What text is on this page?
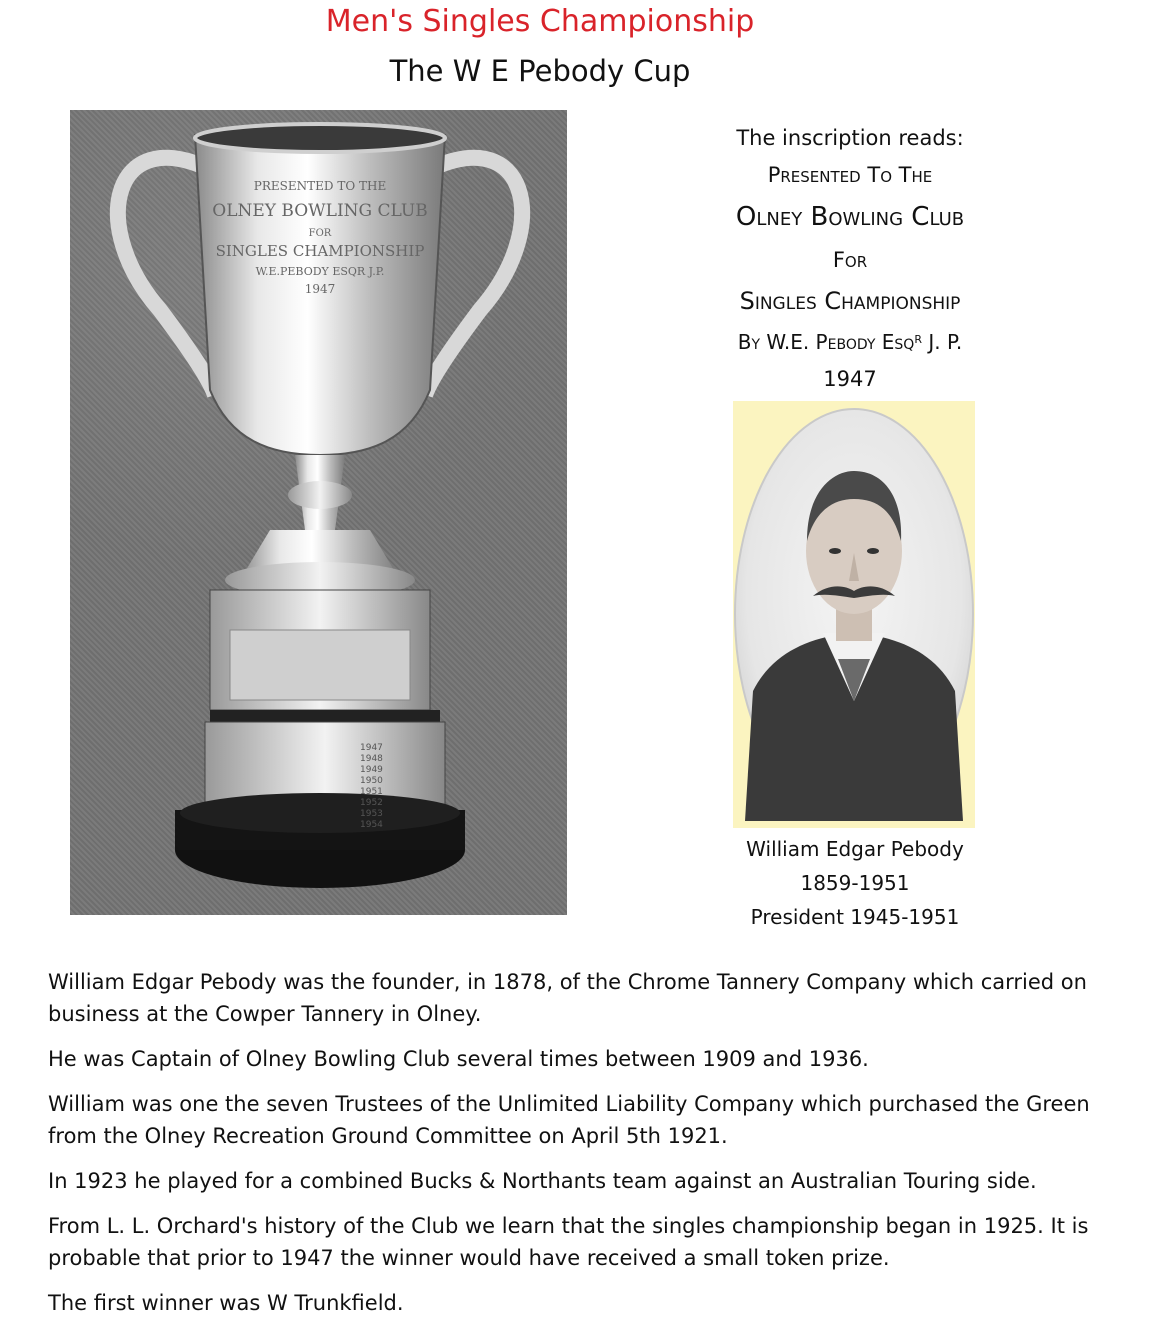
Men's Singles Championship
The W E Pebody Cup
PRESENTED TO THE
OLNEY BOWLING CLUB
FOR
SINGLES CHAMPIONSHIP
W.E.PEBODY ESQR J.P.
1947
1947
1948
1949
1950
1951
1952
1953
1954
The inscription reads:
Presented To The
Olney Bowling Club
For
Singles Championship
By W.E. Pebody Esq$^R$ J. P.
1947
William Edgar Pebody
1859-1951
President 1945-1951

William Edgar Pebody was the founder, in 1878, of the Chrome Tannery Company which carried on business at the Cowper Tannery in Olney.

He was Captain of Olney Bowling Club several times between 1909 and 1936.

William was one the seven Trustees of the Unlimited Liability Company which purchased the Green from the Olney Recreation Ground Committee on April 5th 1921.

In 1923 he played for a combined Bucks & Northants team against an Australian Touring side.

From L. L. Orchard's history of the Club we learn that the singles championship began in 1925. It is probable that prior to 1947 the winner would have received a small token prize.

The first winner was W Trunkfield.
